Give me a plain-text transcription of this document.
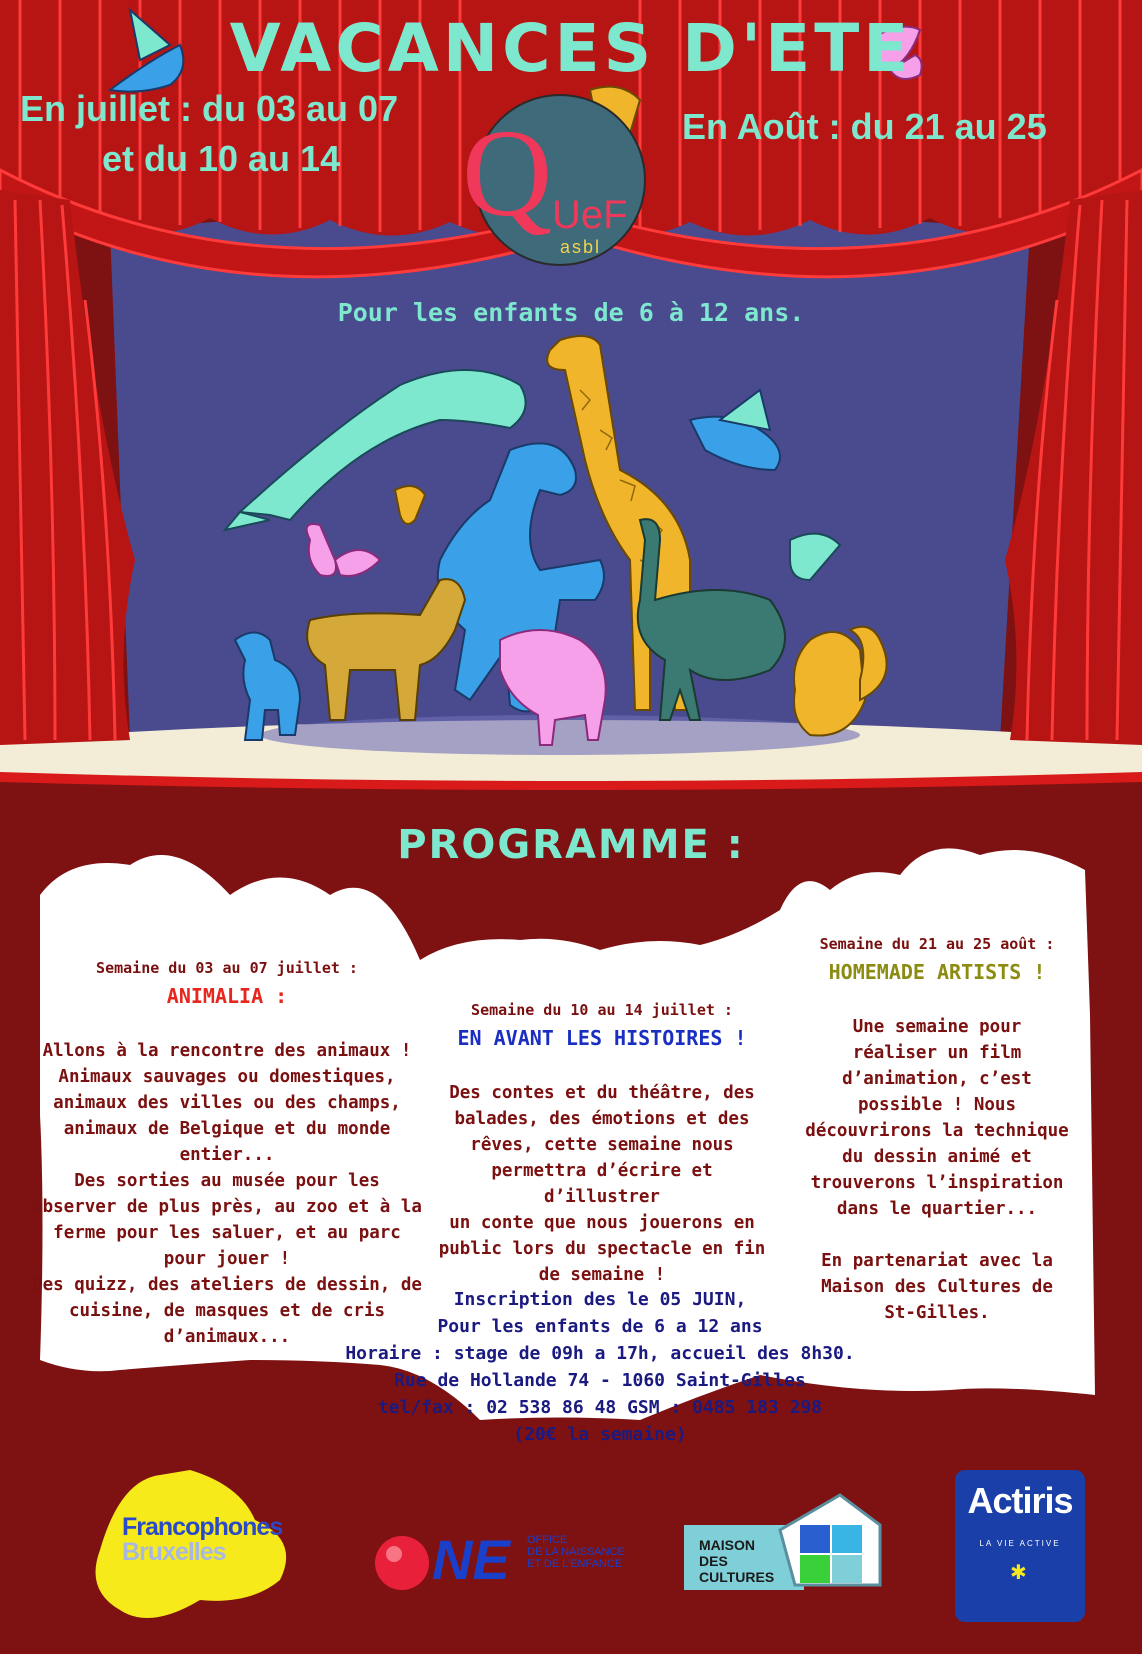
Q UeF
asbl
VACANCES D'ETE
En juillet : du 03 au 07
et du 10 au 14
En Août : du 21 au 25
Pour les enfants de 6 à 12 ans.
PROGRAMME :
Semaine du 03 au 07 juillet :
ANIMALIA :
Allons à la rencontre des animaux !
Animaux sauvages ou domestiques,
animaux des villes ou des champs,
animaux de Belgique et du monde
entier...
Des sorties au musée pour les
observer de plus près, au zoo et à la
ferme pour les saluer, et au parc
pour jouer !
Des quizz, des ateliers de dessin, de
cuisine, de masques et de cris
d’animaux...
Semaine du 10 au 14 juillet :
EN AVANT LES HISTOIRES !
Des contes et du théâtre, des
balades, des émotions et des
rêves, cette semaine nous
permettra d’écrire et d’illustrer
un conte que nous jouerons en
public lors du spectacle en fin
de semaine !
Semaine du 21 au 25 août :
HOMEMADE ARTISTS !
Une semaine pour
réaliser un film
d’animation, c’est
possible ! Nous
découvrirons la technique
du dessin animé et
trouverons l’inspiration
dans le quartier...
En partenariat avec la
Maison des Cultures de
St-Gilles.
Inscription des le 05 JUIN,
Pour les enfants de 6 a 12 ans
Horaire : stage de 09h a 17h, accueil des 8h30.
Rue de Hollande 74 - 1060 Saint-Gilles
tel/fax : 02 538 86 48 GSM : 0485 183 298
(20€ la semaine)
Francophones
Bruxelles	NE OFFICE
DE LA NAISSANCE
ET DE L’ENFANCE
MAISON
DES
CULTURES
Actiris
LA VIE ACTIVE
✱
